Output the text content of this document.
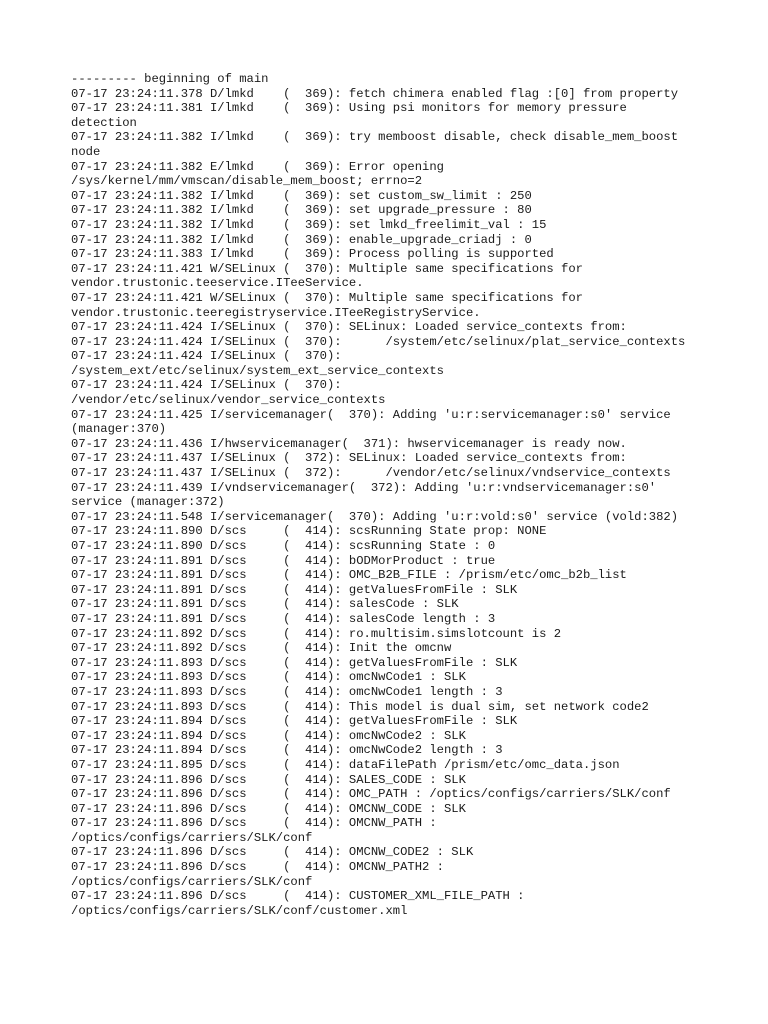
--------- beginning of main
07-17 23:24:11.378 D/lmkd    (  369): fetch chimera enabled flag :[0] from property
07-17 23:24:11.381 I/lmkd    (  369): Using psi monitors for memory pressure
detection
07-17 23:24:11.382 I/lmkd    (  369): try memboost disable, check disable_mem_boost
node
07-17 23:24:11.382 E/lmkd    (  369): Error opening
/sys/kernel/mm/vmscan/disable_mem_boost; errno=2
07-17 23:24:11.382 I/lmkd    (  369): set custom_sw_limit : 250
07-17 23:24:11.382 I/lmkd    (  369): set upgrade_pressure : 80
07-17 23:24:11.382 I/lmkd    (  369): set lmkd_freelimit_val : 15
07-17 23:24:11.382 I/lmkd    (  369): enable_upgrade_criadj : 0
07-17 23:24:11.383 I/lmkd    (  369): Process polling is supported
07-17 23:24:11.421 W/SELinux (  370): Multiple same specifications for
vendor.trustonic.teeservice.ITeeService.
07-17 23:24:11.421 W/SELinux (  370): Multiple same specifications for
vendor.trustonic.teeregistryservice.ITeeRegistryService.
07-17 23:24:11.424 I/SELinux (  370): SELinux: Loaded service_contexts from:
07-17 23:24:11.424 I/SELinux (  370):      /system/etc/selinux/plat_service_contexts
07-17 23:24:11.424 I/SELinux (  370):
/system_ext/etc/selinux/system_ext_service_contexts
07-17 23:24:11.424 I/SELinux (  370):
/vendor/etc/selinux/vendor_service_contexts
07-17 23:24:11.425 I/servicemanager(  370): Adding 'u:r:servicemanager:s0' service
(manager:370)
07-17 23:24:11.436 I/hwservicemanager(  371): hwservicemanager is ready now.
07-17 23:24:11.437 I/SELinux (  372): SELinux: Loaded service_contexts from:
07-17 23:24:11.437 I/SELinux (  372):      /vendor/etc/selinux/vndservice_contexts
07-17 23:24:11.439 I/vndservicemanager(  372): Adding 'u:r:vndservicemanager:s0'
service (manager:372)
07-17 23:24:11.548 I/servicemanager(  370): Adding 'u:r:vold:s0' service (vold:382)
07-17 23:24:11.890 D/scs     (  414): scsRunning State prop: NONE
07-17 23:24:11.890 D/scs     (  414): scsRunning State : 0
07-17 23:24:11.891 D/scs     (  414): bODMorProduct : true
07-17 23:24:11.891 D/scs     (  414): OMC_B2B_FILE : /prism/etc/omc_b2b_list
07-17 23:24:11.891 D/scs     (  414): getValuesFromFile : SLK
07-17 23:24:11.891 D/scs     (  414): salesCode : SLK
07-17 23:24:11.891 D/scs     (  414): salesCode length : 3
07-17 23:24:11.892 D/scs     (  414): ro.multisim.simslotcount is 2
07-17 23:24:11.892 D/scs     (  414): Init the omcnw
07-17 23:24:11.893 D/scs     (  414): getValuesFromFile : SLK
07-17 23:24:11.893 D/scs     (  414): omcNwCode1 : SLK
07-17 23:24:11.893 D/scs     (  414): omcNwCode1 length : 3
07-17 23:24:11.893 D/scs     (  414): This model is dual sim, set network code2
07-17 23:24:11.894 D/scs     (  414): getValuesFromFile : SLK
07-17 23:24:11.894 D/scs     (  414): omcNwCode2 : SLK
07-17 23:24:11.894 D/scs     (  414): omcNwCode2 length : 3
07-17 23:24:11.895 D/scs     (  414): dataFilePath /prism/etc/omc_data.json
07-17 23:24:11.896 D/scs     (  414): SALES_CODE : SLK
07-17 23:24:11.896 D/scs     (  414): OMC_PATH : /optics/configs/carriers/SLK/conf
07-17 23:24:11.896 D/scs     (  414): OMCNW_CODE : SLK
07-17 23:24:11.896 D/scs     (  414): OMCNW_PATH :
/optics/configs/carriers/SLK/conf
07-17 23:24:11.896 D/scs     (  414): OMCNW_CODE2 : SLK
07-17 23:24:11.896 D/scs     (  414): OMCNW_PATH2 :
/optics/configs/carriers/SLK/conf
07-17 23:24:11.896 D/scs     (  414): CUSTOMER_XML_FILE_PATH :
/optics/configs/carriers/SLK/conf/customer.xml
